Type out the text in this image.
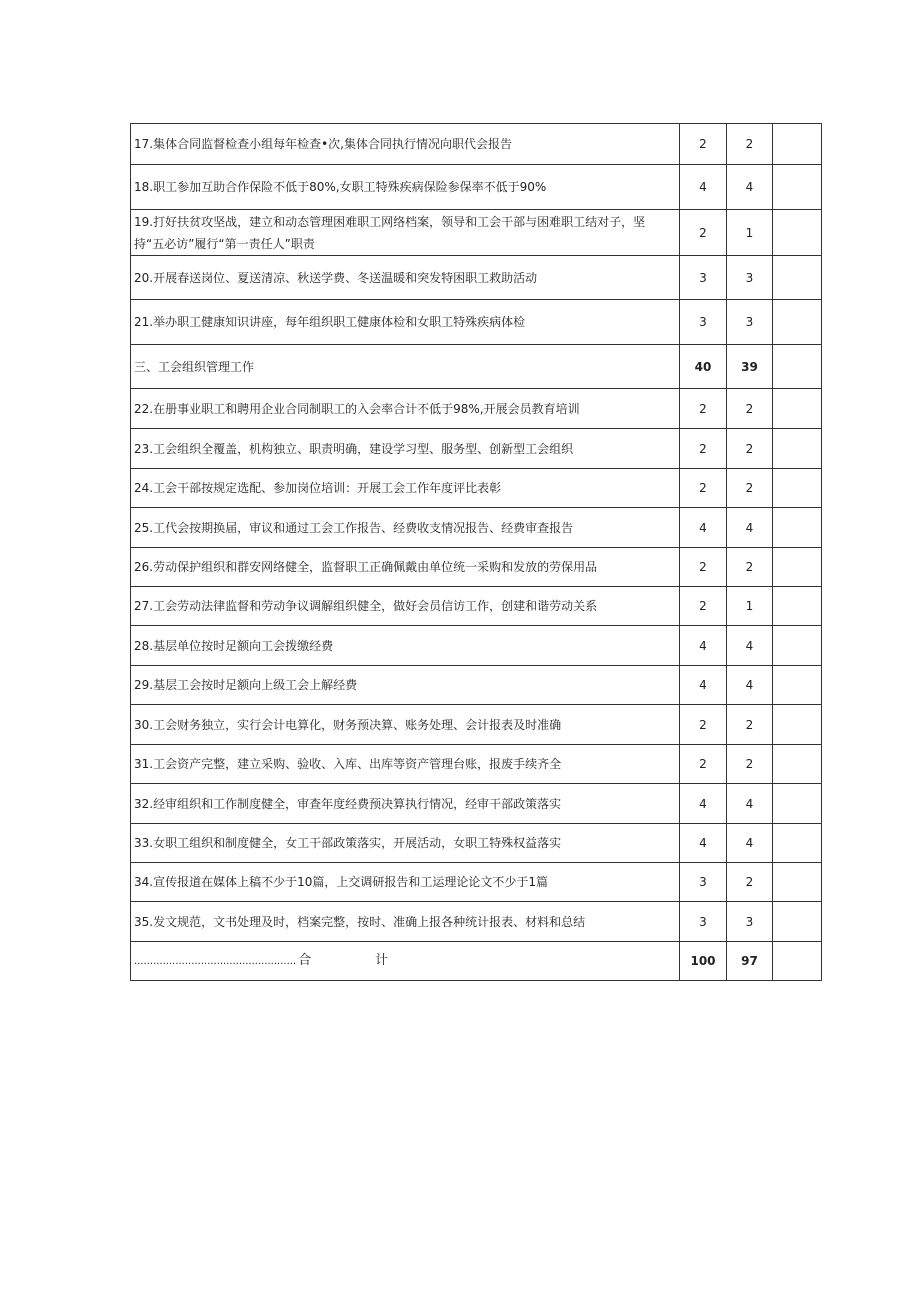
17.集体合同监督检查小组每年检查•次,集体合同执行情况向职代会报告	2	2	
18.职工参加互助合作保险不低于80%,女职工特殊疾病保险参保率不低于90%	4	4	
19.打好扶贫攻坚战，建立和动态管理困难职工网络档案，领导和工会干部与困难职工结对子，坚持“五必访”履行“第一责任人”职责	2	1	
20.开展春送岗位、夏送清凉、秋送学费、冬送温暖和突发特困职工救助活动	3	3	
21.举办职工健康知识讲座，每年组织职工健康体检和女职工特殊疾病体检	3	3	
三、工会组织管理工作	40	39	
22.在册事业职工和聘用企业合同制职工的入会率合计不低于98%,开展会员教育培训	2	2	
23.工会组织全覆盖，机构独立、职责明确，建设学习型、服务型、创新型工会组织	2	2	
24.工会干部按规定选配、参加岗位培训：开展工会工作年度评比表彰	2	2	
25.工代会按期换届，审议和通过工会工作报告、经费收支情况报告、经费审查报告	4	4	
26.劳动保护组织和群安网络健全，监督职工正确佩戴由单位统一采购和发放的劳保用品	2	2	
27.工会劳动法律监督和劳动争议调解组织健全，做好会员信访工作，创建和谐劳动关系	2	1	
28.基层单位按时足额向工会拨缴经费	4	4	
29.基层工会按时足额向上级工会上解经费	4	4	
30.工会财务独立，实行会计电算化，财务预决算、账务处理、会计报表及时准确	2	2	
31.工会资产完整，建立采购、验收、入库、出库等资产管理台账，报废手续齐全	2	2	
32.经审组织和工作制度健全，审查年度经费预决算执行情况，经审干部政策落实	4	4	
33.女职工组织和制度健全，女工干部政策落实，开展活动，女职工特殊权益落实	4	4	
34.宣传报道在媒体上稿不少于10篇，上交调研报告和工运理论论文不少于1篇	3	2	
35.发文规范，文书处理及时，档案完整，按时、准确上报各种统计报表、材料和总结	3	3	
................................................... 合 计	100	97	
